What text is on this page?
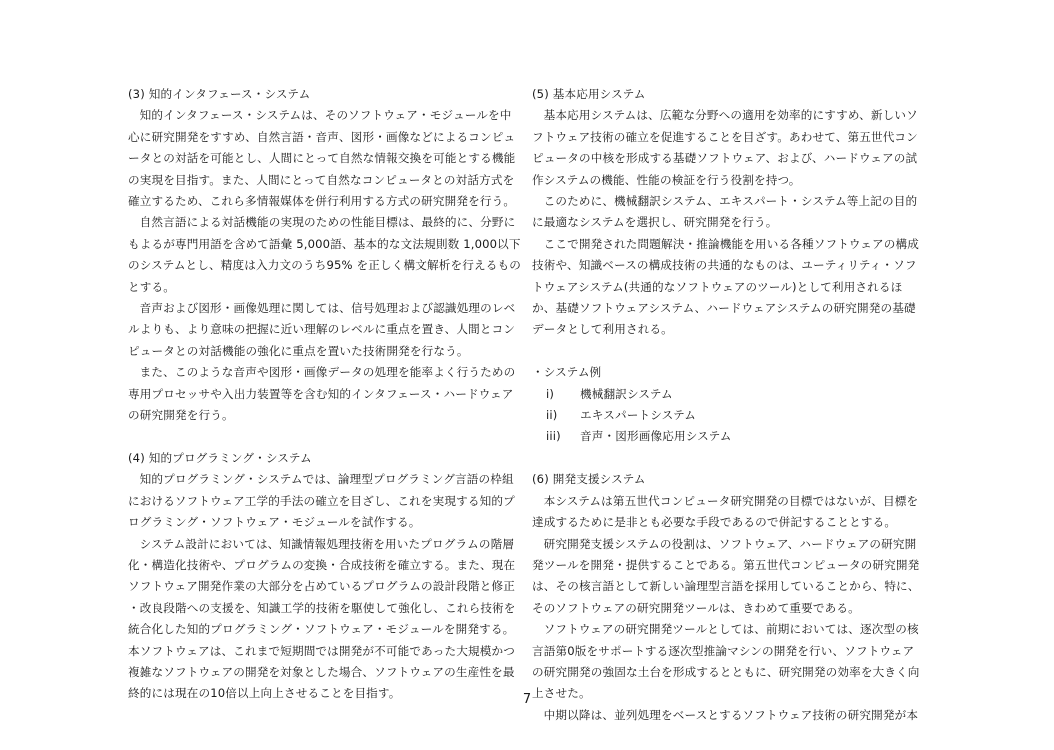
(3) 知的インタフェース・システム
知的インタフェース・システムは、そのソフトウェア・モジュールを中
心に研究開発をすすめ、自然言語・音声、図形・画像などによるコンピュ
ータとの対話を可能とし、人間にとって自然な情報交換を可能とする機能
の実現を目指す。また、人間にとって自然なコンピュータとの対話方式を
確立するため、これら多情報媒体を併行利用する方式の研究開発を行う。
自然言語による対話機能の実現のための性能目標は、最終的に、分野に
もよるが専門用語を含めて語彙 5,000語、基本的な文法規則数 1,000以下
のシステムとし、精度は入力文のうち95% を正しく構文解析を行えるもの
とする。
音声および図形・画像処理に関しては、信号処理および認識処理のレベ
ルよりも、より意味の把握に近い理解のレベルに重点を置き、人間とコン
ピュータとの対話機能の強化に重点を置いた技術開発を行なう。
また、このような音声や図形・画像データの処理を能率よく行うための
専用プロセッサや入出力装置等を含む知的インタフェース・ハードウェア
の研究開発を行う。
(4) 知的プログラミング・システム
知的プログラミング・システムでは、論理型プログラミング言語の枠組
におけるソフトウェア工学的手法の確立を目ざし、これを実現する知的プ
ログラミング・ソフトウェア・モジュールを試作する。
システム設計においては、知識情報処理技術を用いたプログラムの階層
化・構造化技術や、プログラムの変換・合成技術を確立する。また、現在
ソフトウェア開発作業の大部分を占めているプログラムの設計段階と修正
・改良段階への支援を、知識工学的技術を駆使して強化し、これら技術を
統合化した知的プログラミング・ソフトウェア・モジュールを開発する。
本ソフトウェアは、これまで短期間では開発が不可能であった大規模かつ
複雑なソフトウェアの開発を対象とした場合、ソフトウェアの生産性を最
終的には現在の10倍以上向上させることを目指す。
(5) 基本応用システム
基本応用システムは、広範な分野への適用を効率的にすすめ、新しいソ
フトウェア技術の確立を促進することを目ざす。あわせて、第五世代コン
ピュータの中核を形成する基礎ソフトウェア、および、ハードウェアの試
作システムの機能、性能の検証を行う役割を持つ。
このために、機械翻訳システム、エキスパート・システム等上記の目的
に最適なシステムを選択し、研究開発を行う。
ここで開発された問題解決・推論機能を用いる各種ソフトウェアの構成
技術や、知識ベースの構成技術の共通的なものは、ユーティリティ・ソフ
トウェアシステム(共通的なソフトウェアのツール)として利用されるほ
か、基礎ソフトウェアシステム、ハードウェアシステムの研究開発の基礎
データとして利用される。
・システム例
i) 機械翻訳システム
ii) エキスパートシステム
iii) 音声・図形画像応用システム
(6) 開発支援システム
本システムは第五世代コンピュータ研究開発の目標ではないが、目標を
達成するために是非とも必要な手段であるので併記することとする。
研究開発支援システムの役割は、ソフトウェア、ハードウェアの研究開
発ツールを開発・提供することである。第五世代コンピュータの研究開発
は、その核言語として新しい論理型言語を採用していることから、特に、
そのソフトウェアの研究開発ツールは、きわめて重要である。
ソフトウェアの研究開発ツールとしては、前期においては、逐次型の核
言語第0版をサポートする逐次型推論マシンの開発を行い、ソフトウェア
の研究開発の強固な土台を形成するとともに、研究開発の効率を大きく向
上させた。
中期以降は、並列処理をベースとするソフトウェア技術の研究開発が本
7
